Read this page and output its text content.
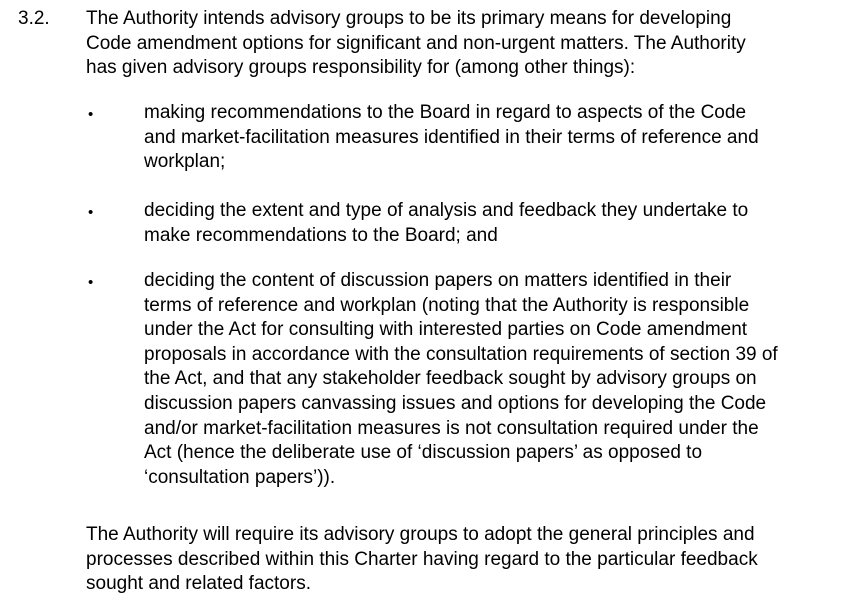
3.2. The Authority intends advisory groups to be its primary means for developing
Code amendment options for significant and non-urgent matters. The Authority
has given advisory groups responsibility for (among other things):
•	making recommendations to the Board in regard to aspects of the Code
and market-facilitation measures identified in their terms of reference and
workplan;
•	deciding the extent and type of analysis and feedback they undertake to
make recommendations to the Board; and
•	deciding the content of discussion papers on matters identified in their
terms of reference and workplan (noting that the Authority is responsible
under the Act for consulting with interested parties on Code amendment
proposals in accordance with the consultation requirements of section 39 of
the Act, and that any stakeholder feedback sought by advisory groups on
discussion papers canvassing issues and options for developing the Code
and/or market-facilitation measures is not consultation required under the
Act (hence the deliberate use of ‘discussion papers’ as opposed to
‘consultation papers’)).
The Authority will require its advisory groups to adopt the general principles and
processes described within this Charter having regard to the particular feedback
sought and related factors.
